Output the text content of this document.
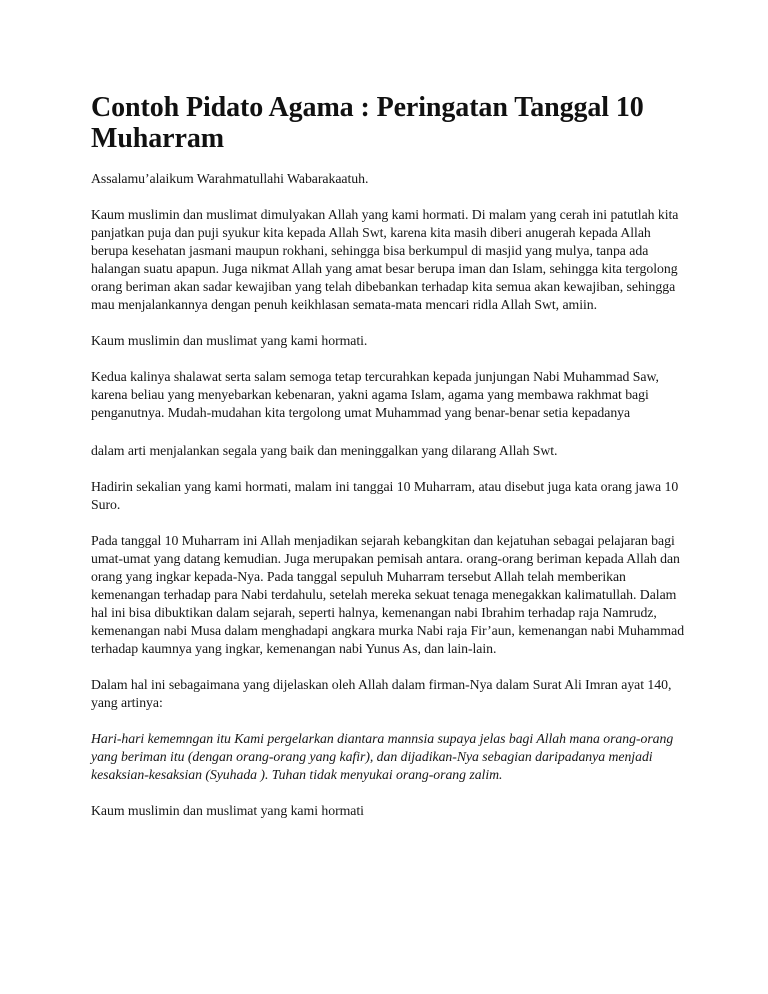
Contoh Pidato Agama : Peringatan Tanggal 10 Muharram

Assalamu’alaikum Warahmatullahi Wabarakaatuh.

Kaum muslimin dan muslimat dimulyakan Allah yang kami hormati. Di malam yang cerah ini patutlah kita panjatkan puja dan puji syukur kita kepada Allah Swt, karena kita masih diberi anugerah kepada Allah berupa kesehatan jasmani maupun rokhani, sehingga bisa berkumpul di masjid yang mulya, tanpa ada halangan suatu apapun. Juga nikmat Allah yang amat besar berupa iman dan Islam, sehingga kita tergolong orang beriman akan sadar kewajiban yang telah dibebankan terhadap kita semua akan kewajiban, sehingga mau menjalankannya dengan penuh keikhlasan semata-mata mencari ridla Allah Swt, amiin.

Kaum muslimin dan muslimat yang kami hormati.

Kedua kalinya shalawat serta salam semoga tetap tercurahkan kepada junjungan Nabi Muhammad Saw, karena beliau yang menyebarkan kebenaran, yakni agama Islam, agama yang membawa rakhmat bagi penganutnya. Mudah-mudahan kita tergolong umat Muhammad yang benar-benar setia kepadanya

dalam arti menjalankan segala yang baik dan meninggalkan yang dilarang Allah Swt.

Hadirin sekalian yang kami hormati, malam ini tanggai 10 Muharram, atau disebut juga kata orang jawa 10 Suro.

Pada tanggal 10 Muharram ini Allah menjadikan sejarah kebangkitan dan kejatuhan sebagai pelajaran bagi umat-umat yang datang kemudian. Juga merupakan pemisah antara. orang-orang beriman kepada Allah dan orang yang ingkar kepada-Nya. Pada tanggal sepuluh Muharram tersebut Allah telah memberikan kemenangan terhadap para Nabi terdahulu, setelah mereka sekuat tenaga menegakkan kalimatullah. Dalam hal ini bisa dibuktikan dalam sejarah, seperti halnya, kemenangan nabi Ibrahim terhadap raja Namrudz, kemenangan nabi Musa dalam menghadapi angkara murka Nabi raja Fir’aun, kemenangan nabi Muhammad terhadap kaumnya yang ingkar, kemenangan nabi Yunus As, dan lain-lain.

Dalam hal ini sebagaimana yang dijelaskan oleh Allah dalam firman-Nya dalam Surat Ali Imran ayat 140, yang artinya:

Hari-hari kememngan itu Kami pergelarkan diantara mannsia supaya jelas bagi Allah mana orang-orang yang beriman itu (dengan orang-orang yang kafir), dan dijadikan-Nya sebagian daripadanya menjadi kesaksian-kesaksian (Syuhada ). Tuhan tidak menyukai orang-orang zalim.

Kaum muslimin dan muslimat yang kami hormati
